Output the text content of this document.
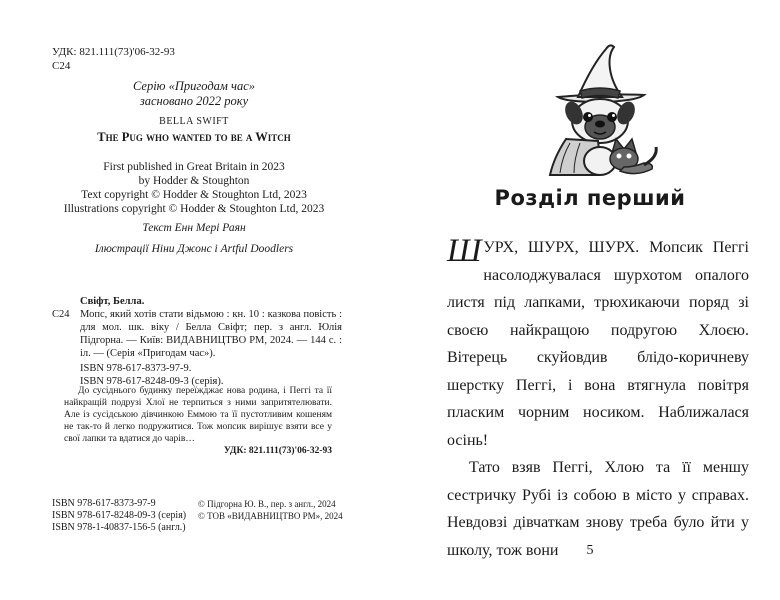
УДК: 821.111(73)'06-32-93
С24
Серію «Пригодам час»
засновано 2022 року
BELLA SWIFT
The Pug who wanted to be a Witch
First published in Great Britain in 2023
by Hodder & Stoughton
Text copyright © Hodder & Stoughton Ltd, 2023
Illustrations copyright © Hodder & Stoughton Ltd, 2023
Текст Енн Мері Раян
Ілюстрації Ніни Джонс і Artful Doodlers
С24
Свіфт, Белла.
Мопс, який хотів стати відьмою : кн. 10 : казкова повість : для мол. шк. віку / Белла Свіфт; пер. з англ. Юлія Підгорна. — Київ: ВИДАВНИЦТВО РМ, 2024. — 144 с. : іл. — (Серія «Пригодам час»).
ISBN 978-617-8373-97-9.
ISBN 978-617-8248-09-3 (серія).
До сусіднього будинку переїжджає нова родина, і Пеггі та її найкращій подрузі Хлої не терпиться з ними запритятелювати. Але із сусідською дівчинкою Еммою та її пустотливим кошеням не так-то й легко подружитися. Тож мопсик вирішує взяти все у свої лапки та вдатися до чарів…
УДК: 821.111(73)'06-32-93
ISBN 978-617-8373-97-9
ISBN 978-617-8248-09-3 (серія)
ISBN 978-1-40837-156-5 (англ.)
© Підгорна Ю. В., пер. з англ., 2024
© ТОВ «ВИДАВНИЦТВО РМ», 2024
Розділ перший

ШУРХ, ШУРХ, ШУРХ. Мопсик Пеггі насолоджувалася шурхотом опалого листя під лапками, трюхикаючи поряд зі своєю найкращою подругою Хлоєю. Вітерець скуйовдив блідо-коричневу шерстку Пеггі, і вона втягнула повітря пласким чорним носиком. Наближалася осінь!

Тато взяв Пеггі, Хлою та її меншу сестричку Рубі із собою в місто у справах. Невдовзі дівчаткам знову треба було йти у школу, тож вони	5
